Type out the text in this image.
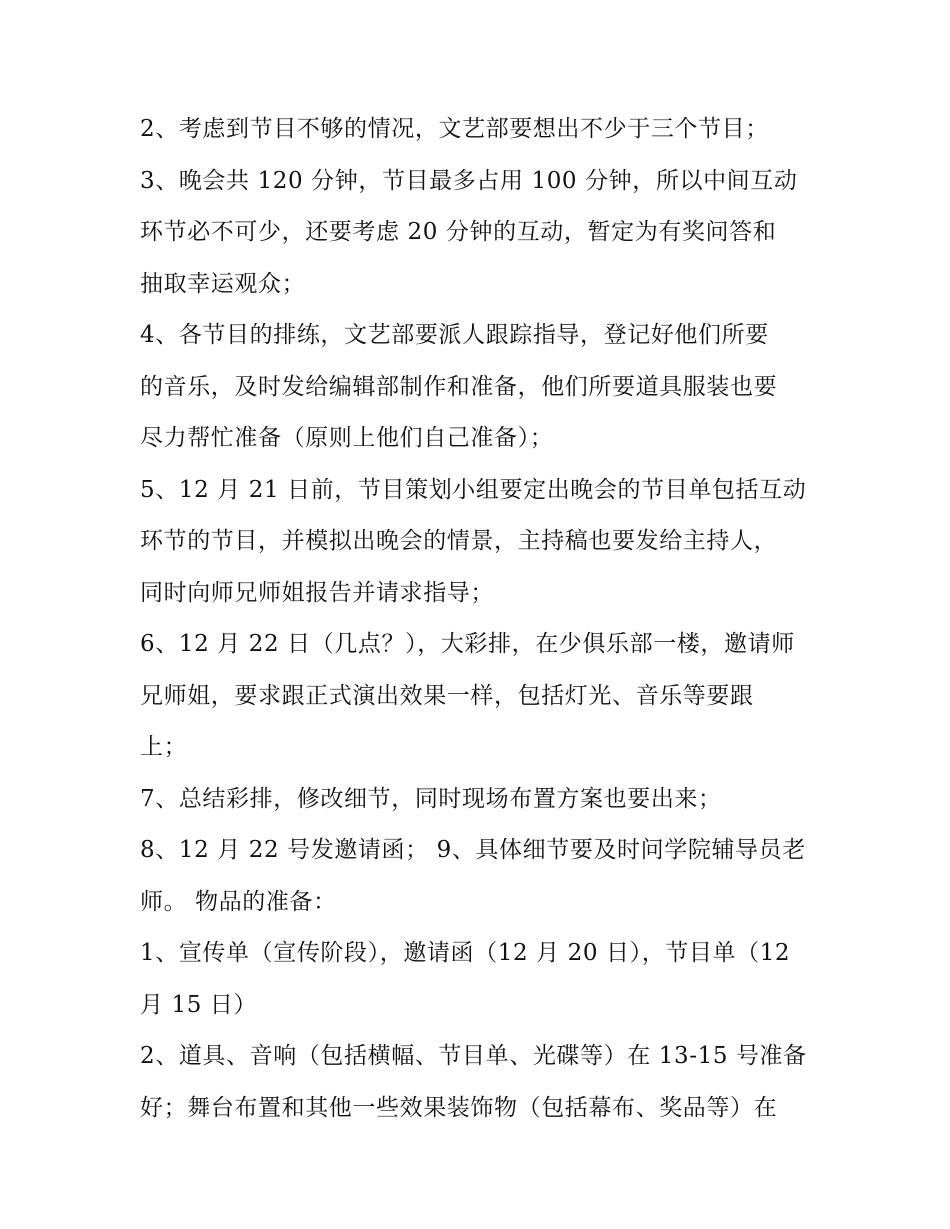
2、考虑到节目不够的情况，文艺部要想出不少于三个节目；
3、晚会共 120 分钟，节目最多占用 100 分钟，所以中间互动
环节必不可少，还要考虑 20 分钟的互动，暂定为有奖问答和
抽取幸运观众；
4、各节目的排练，文艺部要派人跟踪指导，登记好他们所要
的音乐，及时发给编辑部制作和准备，他们所要道具服装也要
尽力帮忙准备（原则上他们自己准备）；
5、12 月 21 日前，节目策划小组要定出晚会的节目单包括互动
环节的节目，并模拟出晚会的情景，主持稿也要发给主持人，
同时向师兄师姐报告并请求指导；
6、12 月 22 日（几点？），大彩排，在少俱乐部一楼，邀请师
兄师姐，要求跟正式演出效果一样，包括灯光、音乐等要跟
上；
7、总结彩排，修改细节，同时现场布置方案也要出来；
8、12 月 22 号发邀请函； 9、具体细节要及时问学院辅导员老
师。 物品的准备：
1、宣传单（宣传阶段），邀请函（12 月 20 日），节目单（12
月 15 日）
2、道具、音响（包括横幅、节目单、光碟等）在 13-15 号准备
好；舞台布置和其他一些效果装饰物（包括幕布、奖品等）在
